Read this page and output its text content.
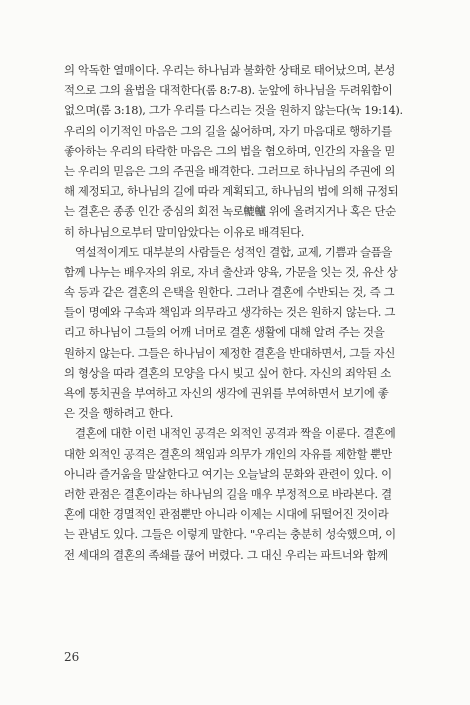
의 악독한 열매이다. 우리는 하나님과 불화한 상태로 태어났으며, 본성
적으로 그의 율법을 대적한다(롬 8:7-8). 눈앞에 하나님을 두려워함이
없으며(롬 3:18), 그가 우리를 다스리는 것을 원하지 않는다(눅 19:14).
우리의 이기적인 마음은 그의 길을 싫어하며, 자기 마음대로 행하기를
좋아하는 우리의 타락한 마음은 그의 법을 혐오하며, 인간의 자율을 믿
는 우리의 믿음은 그의 주권을 배격한다. 그러므로 하나님의 주권에 의
해 제정되고, 하나님의 길에 따라 계획되고, 하나님의 법에 의해 규정되
는 결혼은 종종 인간 중심의 회전 녹로轆轤 위에 올려지거나 혹은 단순
히 하나님으로부터 말미암았다는 이유로 배격된다.
역설적이게도 대부분의 사람들은 성적인 결합, 교제, 기쁨과 슬픔을
함께 나누는 배우자의 위로, 자녀 출산과 양육, 가문을 잇는 것, 유산 상
속 등과 같은 결혼의 은택을 원한다. 그러나 결혼에 수반되는 것, 즉 그
들이 명예와 구속과 책임과 의무라고 생각하는 것은 원하지 않는다. 그
리고 하나님이 그들의 어깨 너머로 결혼 생활에 대해 알려 주는 것을
원하지 않는다. 그들은 하나님이 제정한 결혼을 반대하면서, 그들 자신
의 형상을 따라 결혼의 모양을 다시 빚고 싶어 한다. 자신의 죄악된 소
욕에 통치권을 부여하고 자신의 생각에 권위를 부여하면서 보기에 좋
은 것을 행하려고 한다.
결혼에 대한 이런 내적인 공격은 외적인 공격과 짝을 이룬다. 결혼에
대한 외적인 공격은 결혼의 책임과 의무가 개인의 자유를 제한할 뿐만
아니라 즐거움을 말살한다고 여기는 오늘날의 문화와 관련이 있다. 이
러한 관점은 결혼이라는 하나님의 길을 매우 부정적으로 바라본다. 결
혼에 대한 경멸적인 관점뿐만 아니라 이제는 시대에 뒤떨어진 것이라
는 관념도 있다. 그들은 이렇게 말한다. "우리는 충분히 성숙했으며, 이
전 세대의 결혼의 족쇄를 끊어 버렸다. 그 대신 우리는 파트너와 함께
26
